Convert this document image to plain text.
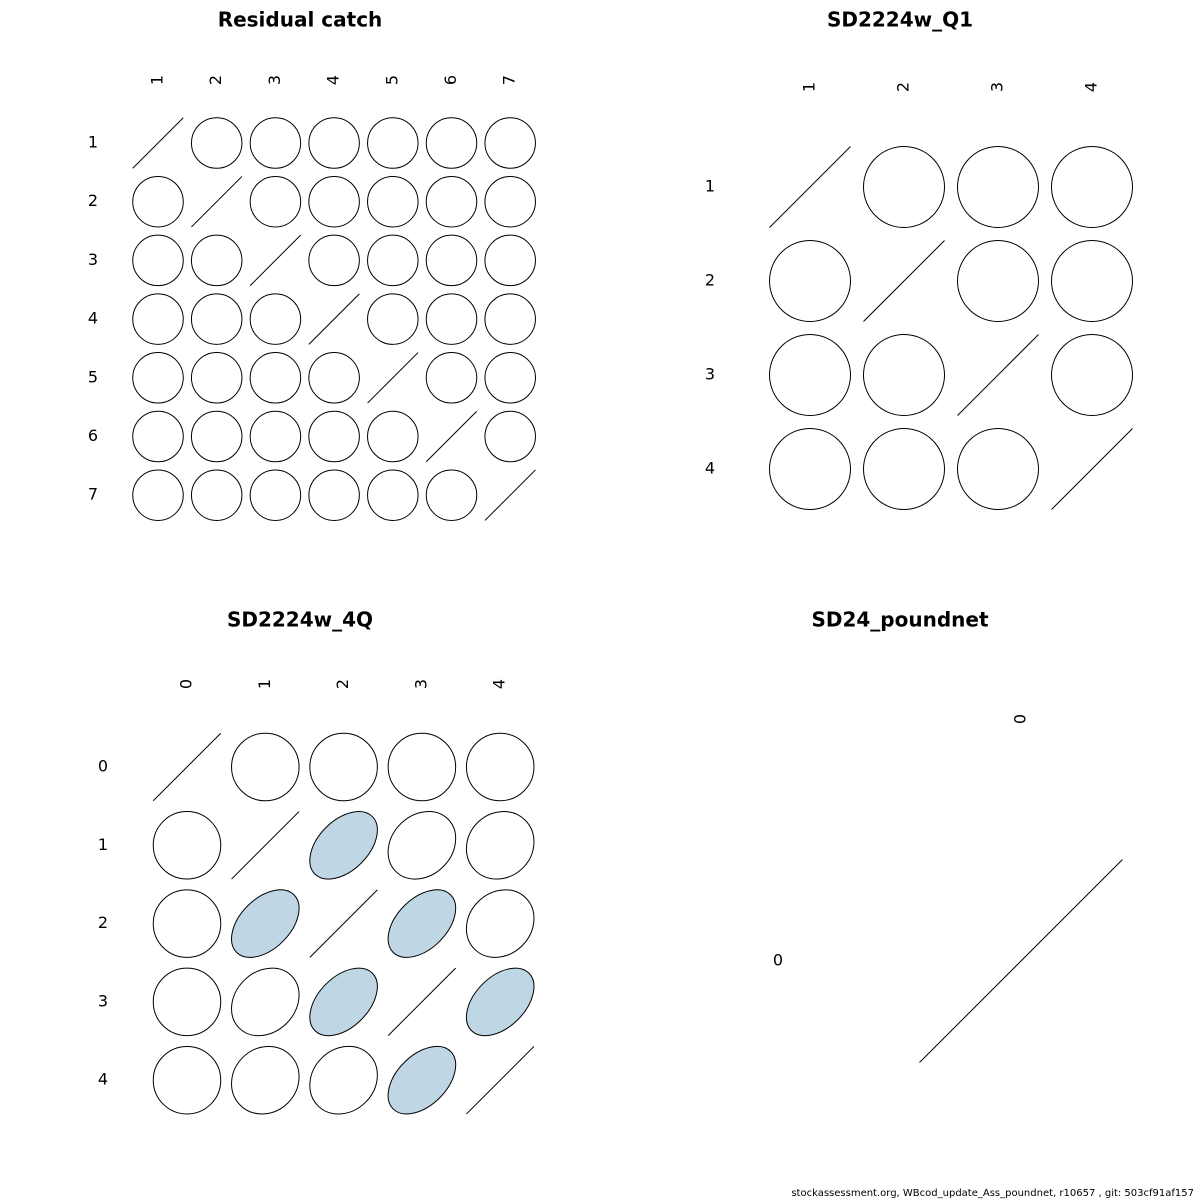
Residual catch
1 2 3 4 5 6 7
1
2
3
4
5
6
7
SD2224w_Q1
1	2	3	4
1
2
3
4
SD2224w_4Q
0	1	2	3	4
0
1
2
3
4
SD24_poundnet
0
0
stockassessment.org, WBcod_update_Ass_poundnet, r10657 , git: 503cf91af157
